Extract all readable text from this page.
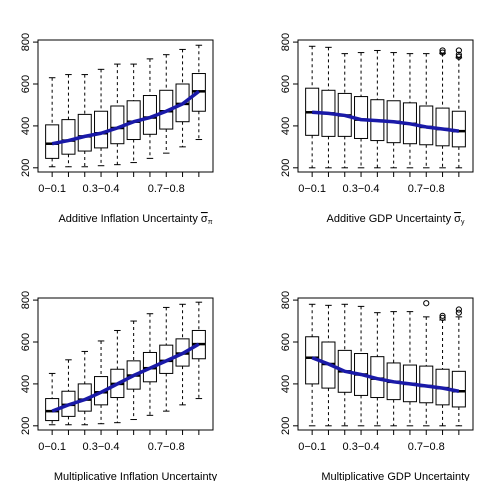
200
400
600
800
0−0.1 0.3−0.4	0.7−0.8
Additive Inflation Uncertainty σπ
200
400
600
800
0−0.1 0.3−0.4	0.7−0.8
Additive GDP Uncertainty σy
200
400
600
800
0−0.1 0.3−0.4	0.7−0.8
Multiplicative Inflation Uncertainty
200
400
600
800
0−0.1 0.3−0.4	0.7−0.8
Multiplicative GDP Uncertainty
